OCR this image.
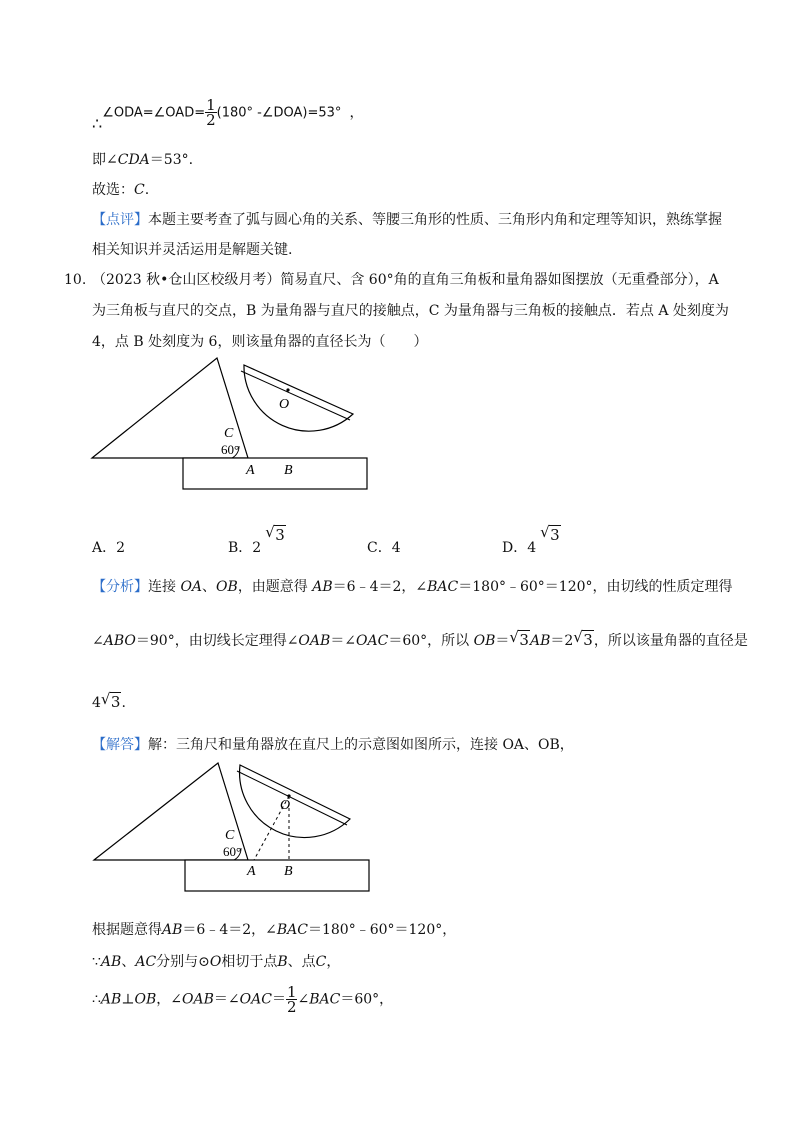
∴∠ODA=∠OAD= $\frac{1}{2} (180^\circ$ -∠DOA)=53° ，
即∠CDA＝53°.
故选：C.
【点评】本题主要考查了弧与圆心角的关系、等腰三角形的性质、三角形内角和定理等知识，熟练掌握
相关知识并灵活运用是解题关键.
10. （2023 秋•仓山区校级月考）简易直尺、含 60°角的直角三角板和量角器如图摆放（无重叠部分），A
为三角板与直尺的交点，B 为量角器与直尺的接触点，C 为量角器与三角板的接触点．若点 A 处刻度为
4，点 B 处刻度为 6，则该量角器的直径长为（　　）
O
C
60°
A B
A．2	B．2
√ 3
C．4	D．4
√ 3
【分析】连接 OA、OB，由题意得 AB＝6﹣4＝2，∠BAC＝180°﹣60°＝120°，由切线的性质定理得
∠ABO＝90°，由切线长定理得∠OAB＝∠OAC＝60°，所以 OB＝ √ 3AB＝2 √ 3，所以该量角器的直径是
4 √ 3.
【解答】解：三角尺和量角器放在直尺上的示意图如图所示，连接 OA、OB，
O
C
60°
A B
根据题意得AB＝6﹣4＝2，∠BAC＝180°﹣60°＝120°，
∵AB、AC分别与⊙O相切于点B、点C，
∴AB⊥OB，∠OAB＝∠OAC＝ $\frac{1}{2}$ ∠BAC＝60°，
